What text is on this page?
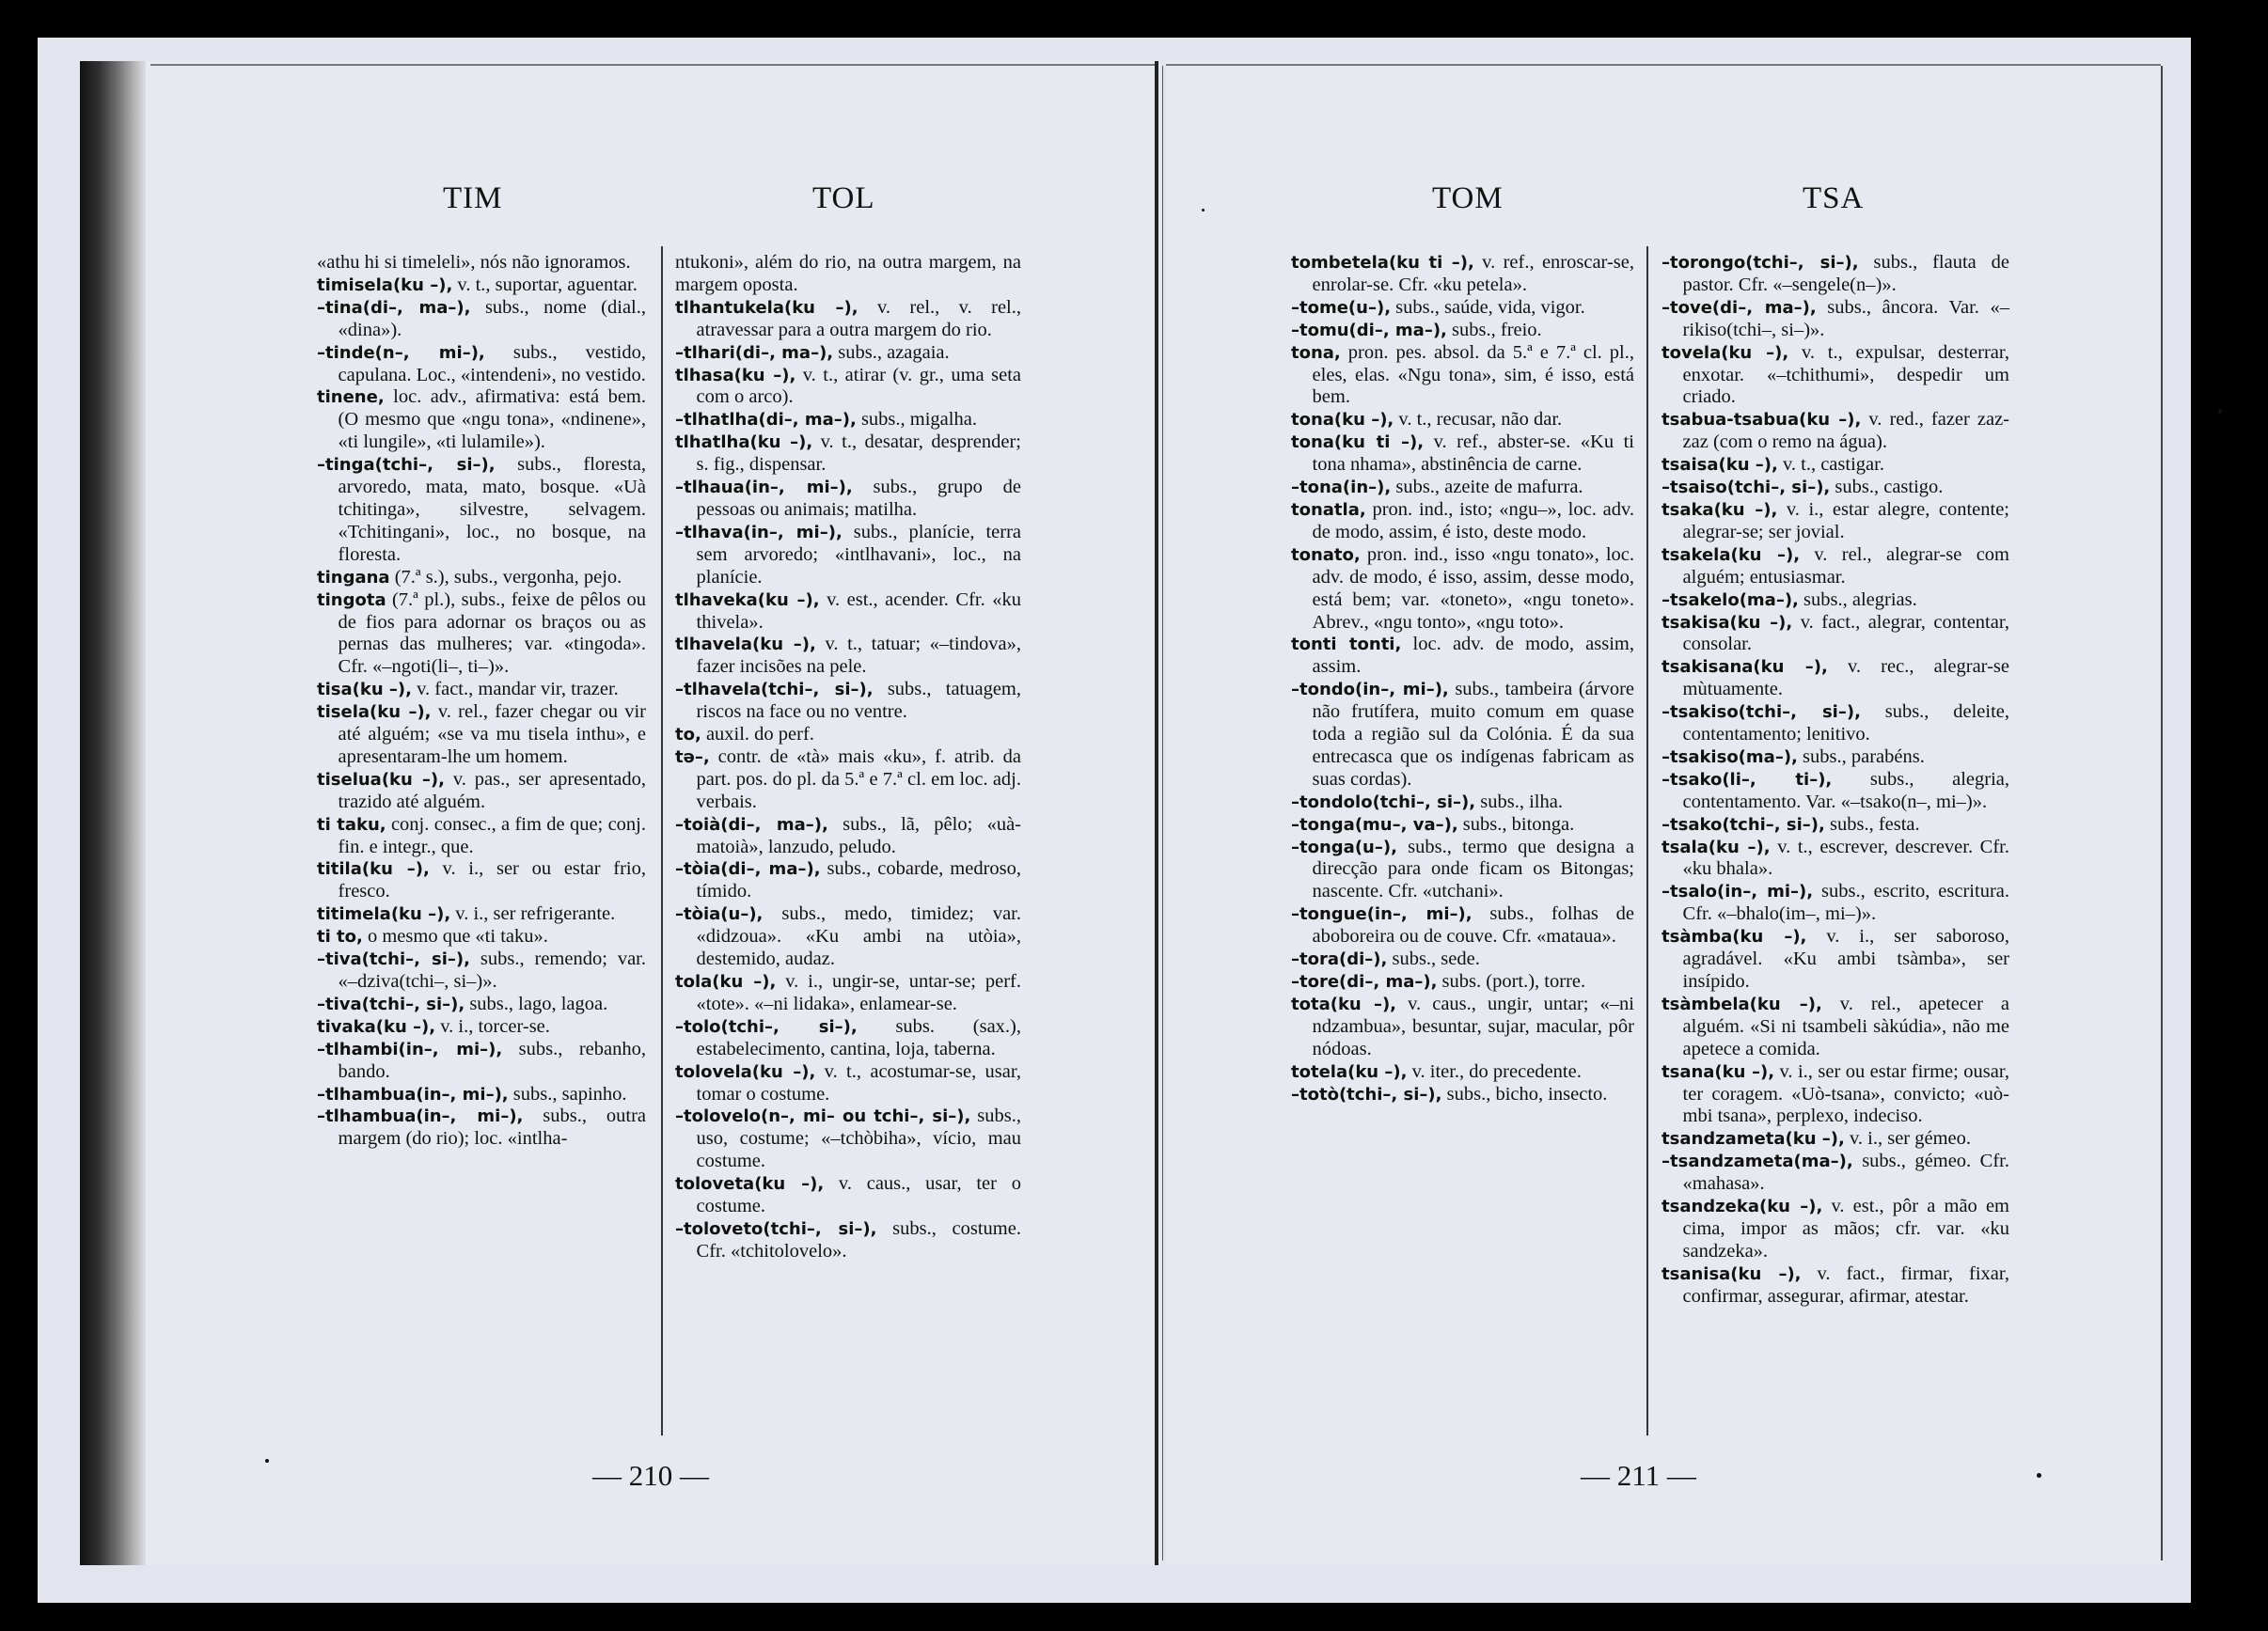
TIM	TOL	TOM	TSA

«athu hi si timeleli», nós não ignoramos.

timisela(ku –), v. t., suportar, aguentar.

–tina(di–, ma–), subs., nome (dial., «dina»).

–tinde(n–, mi–), subs., vestido, capulana. Loc., «intendeni», no vestido.

tinene, loc. adv., afirmativa: está bem. (O mesmo que «ngu tona», «ndinene», «ti lungile», «ti lulamile»).

–tinga(tchi–, si–), subs., floresta, arvoredo, mata, mato, bosque. «Uà tchitinga», silvestre, selvagem. «Tchitingani», loc., no bosque, na floresta.

tingana (7.ª s.), subs., vergonha, pejo.

tingota (7.ª pl.), subs., feixe de pêlos ou de fios para adornar os braços ou as pernas das mulheres; var. «tingoda». Cfr. «–ngoti(li–, ti–)».

tisa(ku –), v. fact., mandar vir, trazer.

tisela(ku –), v. rel., fazer chegar ou vir até alguém; «se va mu tisela inthu», e apresentaram-lhe um homem.

tiselua(ku –), v. pas., ser apresentado, trazido até alguém.

ti taku, conj. consec., a fim de que; conj. fin. e integr., que.

titila(ku –), v. i., ser ou estar frio, fresco.

titimela(ku –), v. i., ser refrigerante.

ti to, o mesmo que «ti taku».

–tiva(tchi–, si–), subs., remendo; var. «–dziva(tchi–, si–)».

–tiva(tchi–, si–), subs., lago, lagoa.

tivaka(ku –), v. i., torcer-se.

–tlhambi(in–, mi–), subs., rebanho, bando.

–tlhambua(in–, mi–), subs., sapinho.

–tlhambua(in–, mi–), subs., outra margem (do rio); loc. «intlha-

ntukoni», além do rio, na outra margem, na margem oposta.

tlhantukela(ku –), v. rel., v. rel., atravessar para a outra margem do rio.

–tlhari(di–, ma–), subs., azagaia.

tlhasa(ku –), v. t., atirar (v. gr., uma seta com o arco).

–tlhatlha(di–, ma–), subs., migalha.

tlhatlha(ku –), v. t., desatar, desprender; s. fig., dispensar.

–tlhaua(in–, mi–), subs., grupo de pessoas ou animais; matilha.

–tlhava(in–, mi–), subs., planície, terra sem arvoredo; «intlhavani», loc., na planície.

tlhaveka(ku –), v. est., acender. Cfr. «ku thivela».

tlhavela(ku –), v. t., tatuar; «–tindova», fazer incisões na pele.

–tlhavela(tchi–, si–), subs., tatuagem, riscos na face ou no ventre.

to, auxil. do perf.

tə–, contr. de «tà» mais «ku», f. atrib. da part. pos. do pl. da 5.ª e 7.ª cl. em loc. adj. verbais.

–toià(di–, ma–), subs., lã, pêlo; «uà-matoià», lanzudo, peludo.

–tòia(di–, ma–), subs., cobarde, medroso, tímido.

–tòia(u–), subs., medo, timidez; var. «didzoua». «Ku ambi na utòia», destemido, audaz.

tola(ku –), v. i., ungir-se, untar-se; perf. «tote». «–ni lidaka», enlamear-se.

–tolo(tchi–, si–), subs. (sax.), estabelecimento, cantina, loja, taberna.

tolovela(ku –), v. t., acostumar-se, usar, tomar o costume.

–tolovelo(n–, mi– ou tchi–, si–), subs., uso, costume; «–tchòbiha», vício, mau costume.

toloveta(ku –), v. caus., usar, ter o costume.

–toloveto(tchi–, si–), subs., costume. Cfr. «tchitolovelo».

tombetela(ku ti –), v. ref., enroscar-se, enrolar-se. Cfr. «ku petela».

–tome(u–), subs., saúde, vida, vigor.

–tomu(di–, ma–), subs., freio.

tona, pron. pes. absol. da 5.ª e 7.ª cl. pl., eles, elas. «Ngu tona», sim, é isso, está bem.

tona(ku –), v. t., recusar, não dar.

tona(ku ti –), v. ref., abster-se. «Ku ti tona nhama», abstinência de carne.

–tona(in–), subs., azeite de mafurra.

tonatla, pron. ind., isto; «ngu–», loc. adv. de modo, assim, é isto, deste modo.

tonato, pron. ind., isso «ngu tonato», loc. adv. de modo, é isso, assim, desse modo, está bem; var. «toneto», «ngu toneto». Abrev., «ngu tonto», «ngu toto».

tonti tonti, loc. adv. de modo, assim, assim.

–tondo(in–, mi–), subs., tambeira (árvore não frutífera, muito comum em quase toda a região sul da Colónia. É da sua entrecasca que os indígenas fabricam as suas cordas).

–tondolo(tchi–, si–), subs., ilha.

–tonga(mu–, va–), subs., bitonga.

–tonga(u–), subs., termo que designa a direcção para onde ficam os Bitongas; nascente. Cfr. «utchani».

–tongue(in–, mi–), subs., folhas de aboboreira ou de couve. Cfr. «mataua».

–tora(di–), subs., sede.

–tore(di–, ma–), subs. (port.), torre.

tota(ku –), v. caus., ungir, untar; «–ni ndzambua», besuntar, sujar, macular, pôr nódoas.

totela(ku –), v. iter., do precedente.

–totò(tchi–, si–), subs., bicho, insecto.

–torongo(tchi–, si–), subs., flauta de pastor. Cfr. «–sengele(n–)».

–tove(di–, ma–), subs., âncora. Var. «–rikiso(tchi–, si–)».

tovela(ku –), v. t., expulsar, desterrar, enxotar. «–tchithumi», despedir um criado.

tsabua-tsabua(ku –), v. red., fazer zaz-zaz (com o remo na água).

tsaisa(ku –), v. t., castigar.

–tsaiso(tchi–, si–), subs., castigo.

tsaka(ku –), v. i., estar alegre, contente; alegrar-se; ser jovial.

tsakela(ku –), v. rel., alegrar-se com alguém; entusiasmar.

–tsakelo(ma–), subs., alegrias.

tsakisa(ku –), v. fact., alegrar, contentar, consolar.

tsakisana(ku –), v. rec., alegrar-se mùtuamente.

–tsakiso(tchi–, si–), subs., deleite, contentamento; lenitivo.

–tsakiso(ma–), subs., parabéns.

–tsako(li–, ti–), subs., alegria, contentamento. Var. «–tsako(n–, mi–)».

–tsako(tchi–, si–), subs., festa.

tsala(ku –), v. t., escrever, descrever. Cfr. «ku bhala».

–tsalo(in–, mi–), subs., escrito, escritura. Cfr. «–bhalo(im–, mi–)».

tsàmba(ku –), v. i., ser saboroso, agradável. «Ku ambi tsàmba», ser insípido.

tsàmbela(ku –), v. rel., apetecer a alguém. «Si ni tsambeli sàkúdia», não me apetece a comida.

tsana(ku –), v. i., ser ou estar firme; ousar, ter coragem. «Uò-tsana», convicto; «uò-mbi tsana», perplexo, indeciso.

tsandzameta(ku –), v. i., ser gémeo.

–tsandzameta(ma–), subs., gémeo. Cfr. «mahasa».

tsandzeka(ku –), v. est., pôr a mão em cima, impor as mãos; cfr. var. «ku sandzeka».

tsanisa(ku –), v. fact., firmar, fixar, confirmar, assegurar, afirmar, atestar.

— 210 —	— 211 —
